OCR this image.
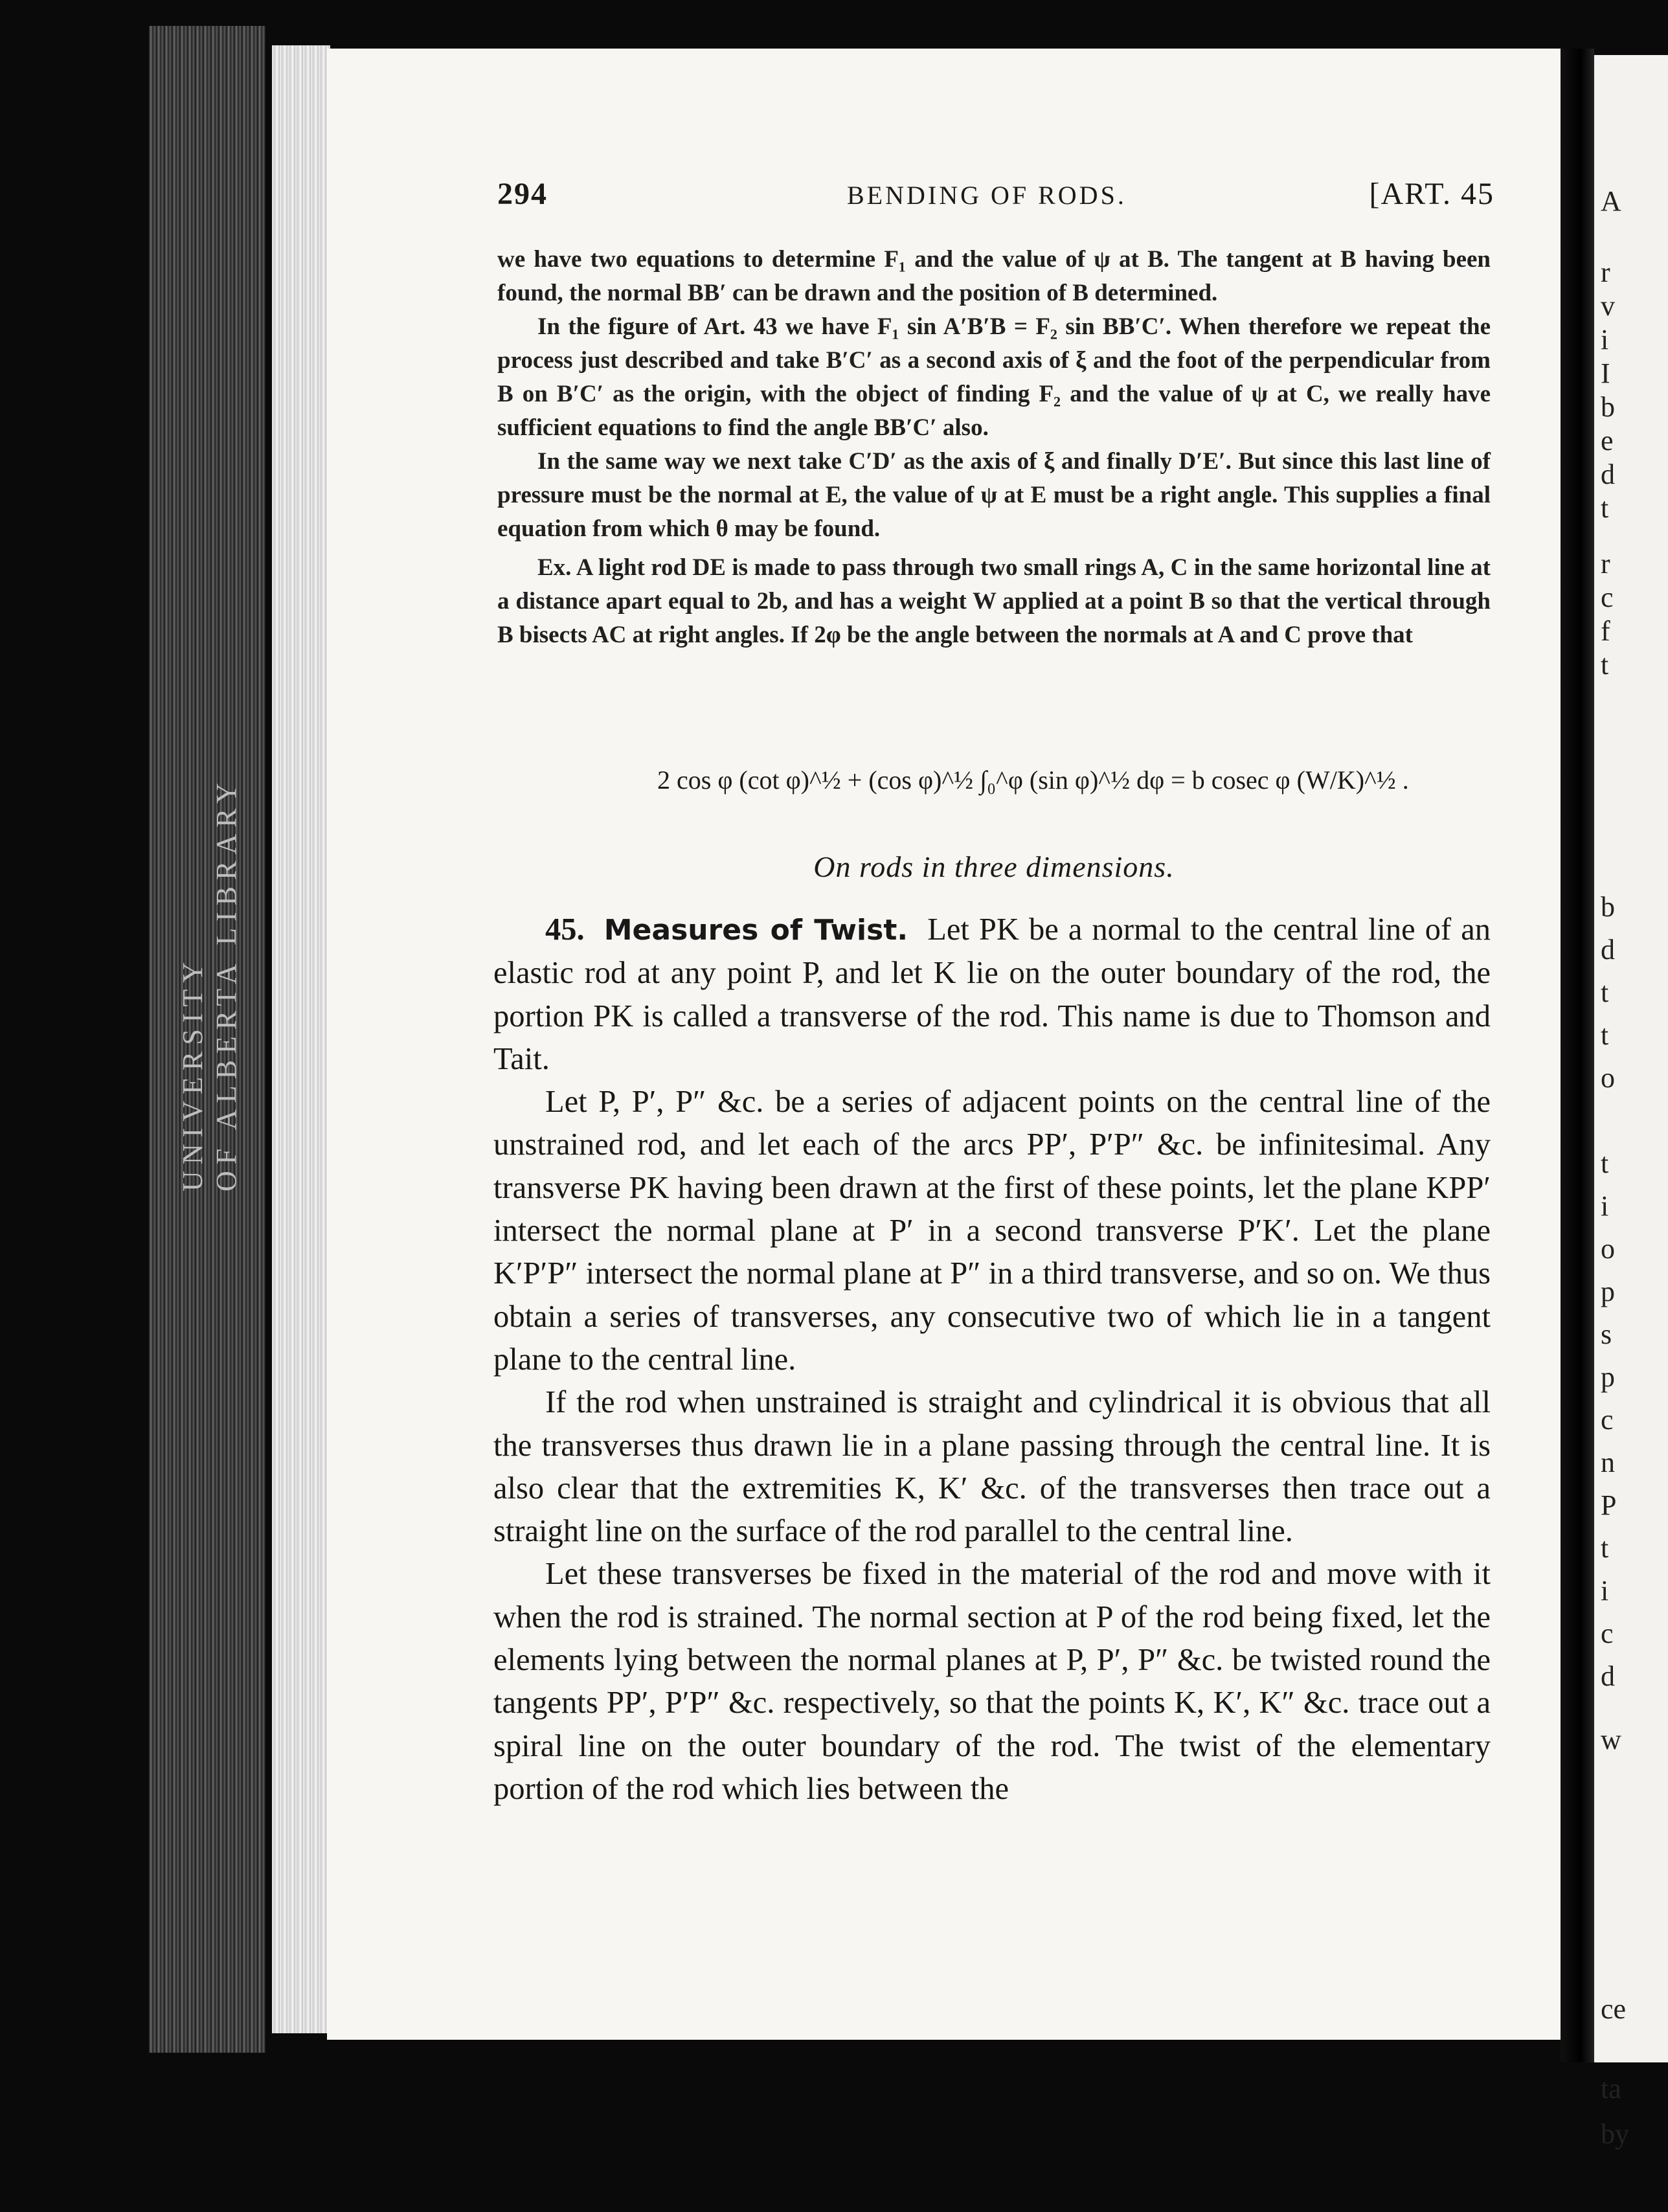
UNIVERSITY OF ALBERTA LIBRARY
A
r
v
i
I
b
e
d
t
r
c
f
t
b
d
t
t
o
t
i
o
p
s
p
c
n
P
t
i
c
d
w
ta
by
ce
294	BENDING OF RODS.	[ART. 45

we have two equations to determine F₁ and the value of ψ at B. The tangent at B having been found, the normal BB′ can be drawn and the position of B determined.

In the figure of Art. 43 we have F₁ sin A′B′B = F₂ sin BB′C′. When therefore we repeat the process just described and take B′C′ as a second axis of ξ and the foot of the perpendicular from B on B′C′ as the origin, with the object of finding F₂ and the value of ψ at C, we really have sufficient equations to find the angle BB′C′ also.

In the same way we next take C′D′ as the axis of ξ and finally D′E′. But since this last line of pressure must be the normal at E, the value of ψ at E must be a right angle. This supplies a final equation from which θ may be found.

Ex. A light rod DE is made to pass through two small rings A, C in the same horizontal line at a distance apart equal to 2b, and has a weight W applied at a point B so that the vertical through B bisects AC at right angles. If 2φ be the angle between the normals at A and C prove that

2 cos φ (cot φ)^½ + (cos φ)^½ ∫₀^φ (sin φ)^½ dφ = b cosec φ (W/K)^½ .
On rods in three dimensions.

45. Measures of Twist. Let PK be a normal to the central line of an elastic rod at any point P, and let K lie on the outer boundary of the rod, the portion PK is called a transverse of the rod. This name is due to Thomson and Tait.

Let P, P′, P″ &c. be a series of adjacent points on the central line of the unstrained rod, and let each of the arcs PP′, P′P″ &c. be infinitesimal. Any transverse PK having been drawn at the first of these points, let the plane KPP′ intersect the normal plane at P′ in a second transverse P′K′. Let the plane K′P′P″ intersect the normal plane at P″ in a third transverse, and so on. We thus obtain a series of transverses, any consecutive two of which lie in a tangent plane to the central line.

If the rod when unstrained is straight and cylindrical it is obvious that all the transverses thus drawn lie in a plane passing through the central line. It is also clear that the extremities K, K′ &c. of the transverses then trace out a straight line on the surface of the rod parallel to the central line.

Let these transverses be fixed in the material of the rod and move with it when the rod is strained. The normal section at P of the rod being fixed, let the elements lying between the normal planes at P, P′, P″ &c. be twisted round the tangents PP′, P′P″ &c. respectively, so that the points K, K′, K″ &c. trace out a spiral line on the outer boundary of the rod. The twist of the elementary portion of the rod which lies between the
